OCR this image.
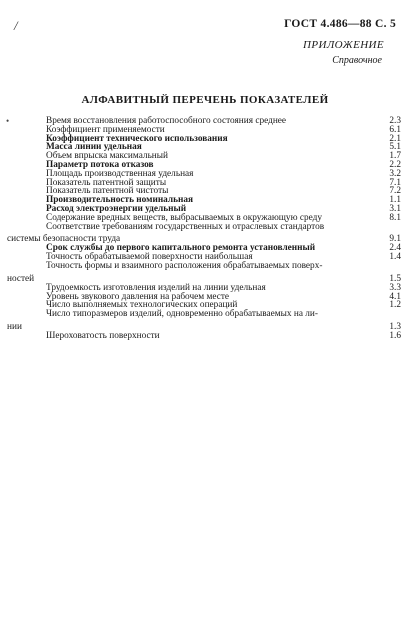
/	ГОСТ 4.486—88 С. 5
ПРИЛОЖЕНИЕ
Справочное
АЛФАВИТНЫЙ ПЕРЕЧЕНЬ ПОКАЗАТЕЛЕЙ
•	Время восстановления работоспособного состояния среднее	2.3
Коэффициент применяемости	6.1
Коэффициент технического использования	2.1
Масса линии удельная	5.1
Объем впрыска максимальный	1.7
Параметр потока отказов	2.2
Площадь производственная удельная	3.2
Показатель патентной защиты	7.1
Показатель патентной чистоты	7.2
Производительность номинальная	1.1
Расход электроэнергии удельный	3.1
Содержание вредных веществ, выбрасываемых в окружающую среду	8.1
Соответствие требованиям государственных и отраслевых стандартов
системы безопасности труда	9.1
Срок службы до первого капитального ремонта установленный	2.4
Точность обрабатываемой поверхности наибольшая	1.4
Точность формы и взаимного расположения обрабатываемых поверх-
ностей	1.5
Трудоемкость изготовления изделий на линии удельная	3.3
Уровень звукового давления на рабочем месте	4.1
Число выполняемых технологических операций	1.2
Число типоразмеров изделий, одновременно обрабатываемых на ли-
нии	1.3
Шероховатость поверхности	1.6
